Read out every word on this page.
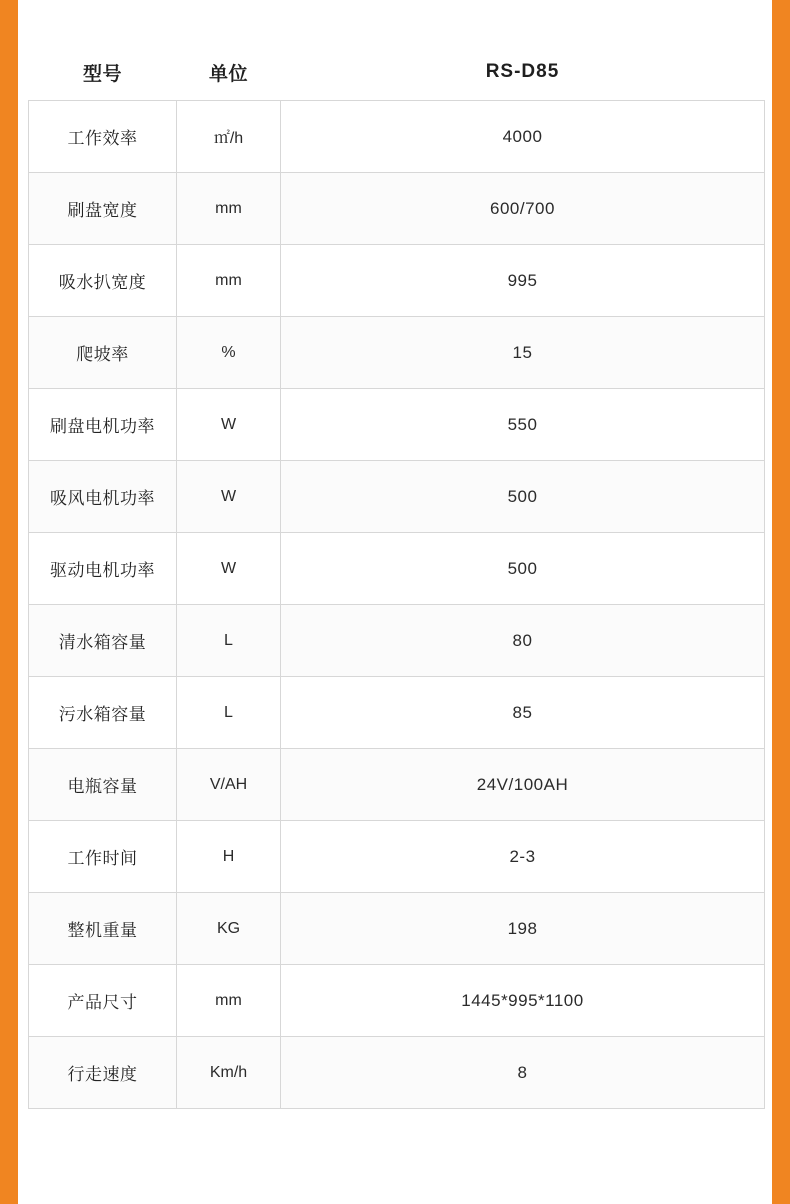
型号	单位	RS-D85
工作效率	㎡/h	4000
刷盘宽度	mm	600/700
吸水扒宽度	mm	995
爬坡率	%	15
刷盘电机功率	W	550
吸风电机功率	W	500
驱动电机功率	W	500
清水箱容量	L	80
污水箱容量	L	85
电瓶容量	V/AH	24V/100AH
工作时间	H	2-3
整机重量	KG	198
产品尺寸	mm	1445*995*1100
行走速度	Km/h	8
